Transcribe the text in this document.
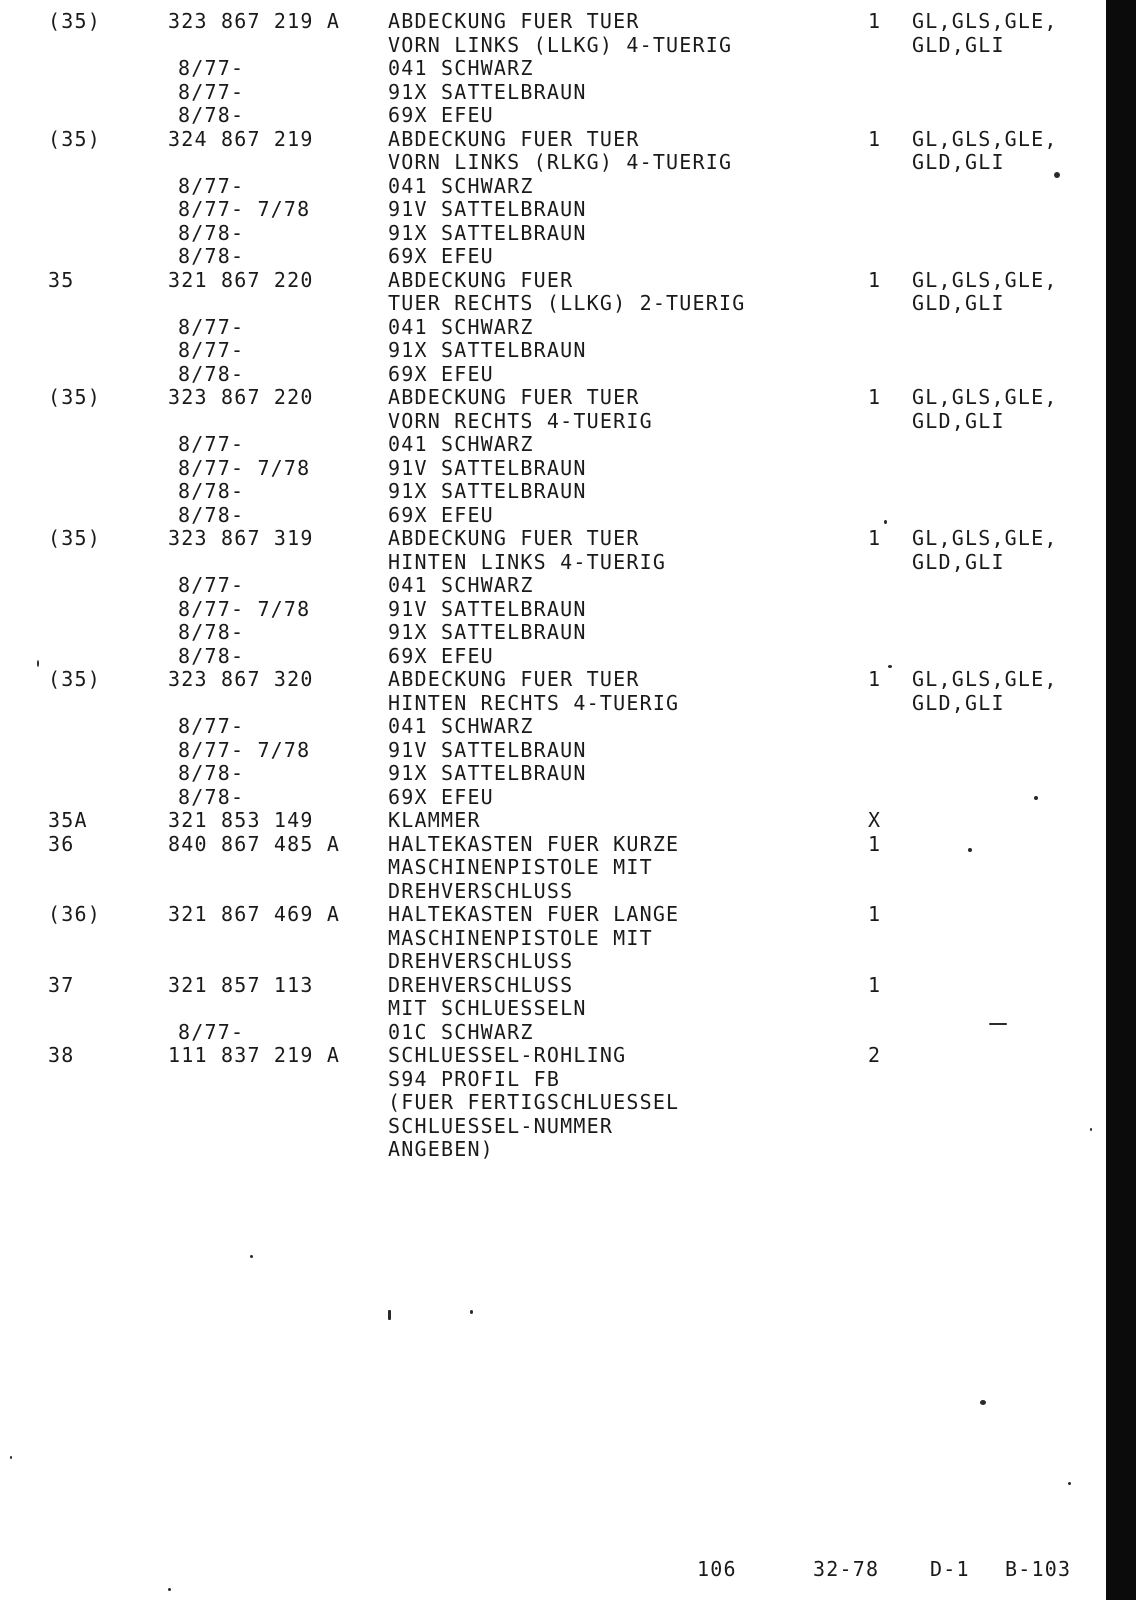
(35)	323 867 219 A ABDECKUNG FUER TUER	1 GL,GLS,GLE,
VORN LINKS (LLKG) 4-TUERIG	GLD,GLI
8/77-	041 SCHWARZ
8/77-	91X SATTELBRAUN
8/78-	69X EFEU
(35)	324 867 219	ABDECKUNG FUER TUER	1 GL,GLS,GLE,
VORN LINKS (RLKG) 4-TUERIG	GLD,GLI
8/77-	041 SCHWARZ
8/77- 7/78	91V SATTELBRAUN
8/78-	91X SATTELBRAUN
8/78-	69X EFEU
35	321 867 220	ABDECKUNG FUER	1 GL,GLS,GLE,
TUER RECHTS (LLKG) 2-TUERIG	GLD,GLI
8/77-	041 SCHWARZ
8/77-	91X SATTELBRAUN
8/78-	69X EFEU
(35)	323 867 220	ABDECKUNG FUER TUER	1 GL,GLS,GLE,
VORN RECHTS 4-TUERIG	GLD,GLI
8/77-	041 SCHWARZ
8/77- 7/78	91V SATTELBRAUN
8/78-	91X SATTELBRAUN
8/78-	69X EFEU
(35)	323 867 319	ABDECKUNG FUER TUER	1 GL,GLS,GLE,
HINTEN LINKS 4-TUERIG	GLD,GLI
8/77-	041 SCHWARZ
8/77- 7/78	91V SATTELBRAUN
8/78-	91X SATTELBRAUN
8/78-	69X EFEU
(35)	323 867 320	ABDECKUNG FUER TUER	1 GL,GLS,GLE,
HINTEN RECHTS 4-TUERIG	GLD,GLI
8/77-	041 SCHWARZ
8/77- 7/78	91V SATTELBRAUN
8/78-	91X SATTELBRAUN
8/78-	69X EFEU
35A	321 853 149	KLAMMER	X
36	840 867 485 A HALTEKASTEN FUER KURZE	1
MASCHINENPISTOLE MIT
DREHVERSCHLUSS
(36)	321 867 469 A HALTEKASTEN FUER LANGE	1
MASCHINENPISTOLE MIT
DREHVERSCHLUSS
37	321 857 113	DREHVERSCHLUSS	1
MIT SCHLUESSELN
8/77-	01C SCHWARZ
38	111 837 219 A SCHLUESSEL-ROHLING	2
S94 PROFIL FB
(FUER FERTIGSCHLUESSEL
SCHLUESSEL-NUMMER
ANGEBEN)
106	32-78	D-1 B-103
